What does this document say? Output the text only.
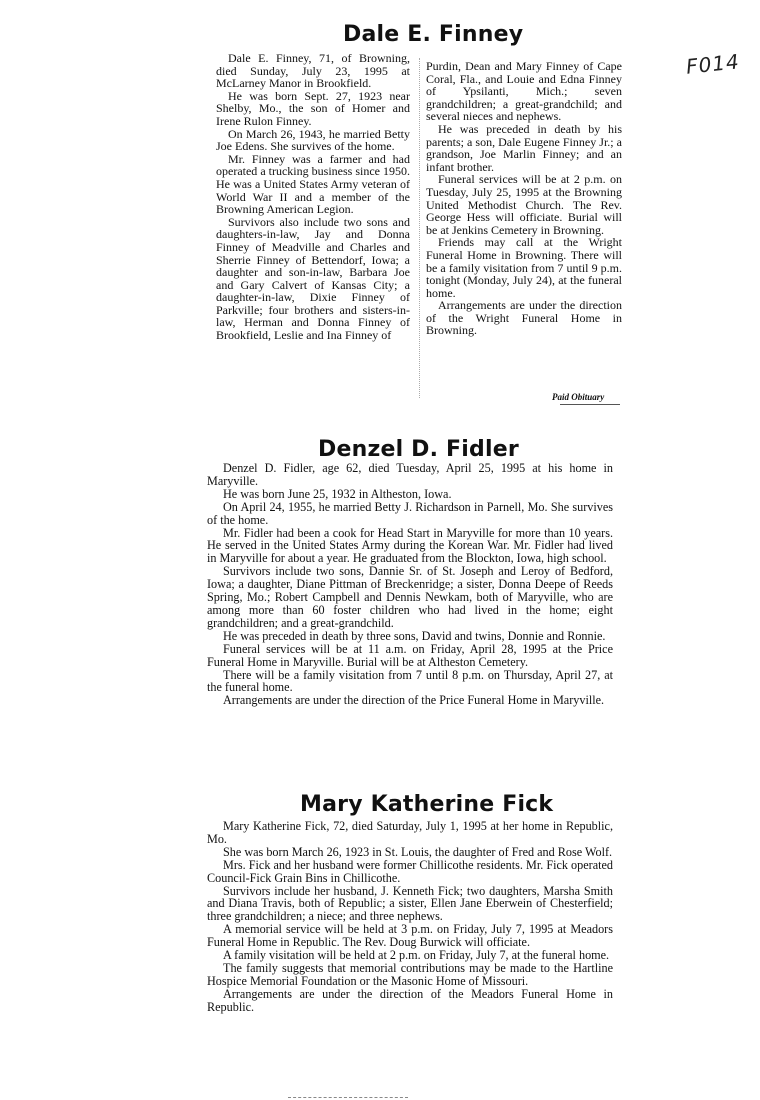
F014
Dale E. Finney

Dale E. Finney, 71, of Browning, died Sunday, July 23, 1995 at McLarney Manor in Brookfield.

He was born Sept. 27, 1923 near Shelby, Mo., the son of Homer and Irene Rulon Finney.

On March 26, 1943, he married Betty Joe Edens. She survives of the home.

Mr. Finney was a farmer and had operated a trucking business since 1950. He was a United States Army veteran of World War II and a member of the Browning American Legion.

Survivors also include two sons and daughters-in-law, Jay and Donna Finney of Meadville and Charles and Sherrie Finney of Bettendorf, Iowa; a daughter and son-in-law, Barbara Joe and Gary Calvert of Kansas City; a daughter-in-law, Dixie Finney of Parkville; four brothers and sisters-in-law, Herman and Donna Finney of Brookfield, Leslie and Ina Finney of

Purdin, Dean and Mary Finney of Cape Coral, Fla., and Louie and Edna Finney of Ypsilanti, Mich.; seven grandchildren; a great-grandchild; and several nieces and nephews.

He was preceded in death by his parents; a son, Dale Eugene Finney Jr.; a grandson, Joe Marlin Finney; and an infant brother.

Funeral services will be at 2 p.m. on Tuesday, July 25, 1995 at the Browning United Methodist Church. The Rev. George Hess will officiate. Burial will be at Jenkins Cemetery in Browning.

Friends may call at the Wright Funeral Home in Browning. There will be a family visitation from 7 until 9 p.m. tonight (Monday, July 24), at the funeral home.

Arrangements are under the direction of the Wright Funeral Home in Browning.

Paid Obituary
Denzel D. Fidler

Denzel D. Fidler, age 62, died Tuesday, April 25, 1995 at his home in Maryville.

He was born June 25, 1932 in Altheston, Iowa.

On April 24, 1955, he married Betty J. Richardson in Parnell, Mo. She survives of the home.

Mr. Fidler had been a cook for Head Start in Maryville for more than 10 years. He served in the United States Army during the Korean War. Mr. Fidler had lived in Maryville for about a year. He graduated from the Blockton, Iowa, high school.

Survivors include two sons, Dannie Sr. of St. Joseph and Leroy of Bedford, Iowa; a daughter, Diane Pittman of Breckenridge; a sister, Donna Deepe of Reeds Spring, Mo.; Robert Campbell and Dennis Newkam, both of Maryville, who are among more than 60 foster children who had lived in the home; eight grandchildren; and a great-grandchild.

He was preceded in death by three sons, David and twins, Donnie and Ronnie.

Funeral services will be at 11 a.m. on Friday, April 28, 1995 at the Price Funeral Home in Maryville. Burial will be at Altheston Cemetery.

There will be a family visitation from 7 until 8 p.m. on Thursday, April 27, at the funeral home.

Arrangements are under the direction of the Price Funeral Home in Maryville.

Mary Katherine Fick

Mary Katherine Fick, 72, died Saturday, July 1, 1995 at her home in Republic, Mo.

She was born March 26, 1923 in St. Louis, the daughter of Fred and Rose Wolf.

Mrs. Fick and her husband were former Chillicothe residents. Mr. Fick operated Council-Fick Grain Bins in Chillicothe.

Survivors include her husband, J. Kenneth Fick; two daughters, Marsha Smith and Diana Travis, both of Republic; a sister, Ellen Jane Eberwein of Chesterfield; three grandchildren; a niece; and three nephews.

A memorial service will be held at 3 p.m. on Friday, July 7, 1995 at Meadors Funeral Home in Republic. The Rev. Doug Burwick will officiate.

A family visitation will be held at 2 p.m. on Friday, July 7, at the funeral home.

The family suggests that memorial contributions may be made to the Hartline Hospice Memorial Foundation or the Masonic Home of Missouri.

Arrangements are under the direction of the Meadors Funeral Home in Republic.
